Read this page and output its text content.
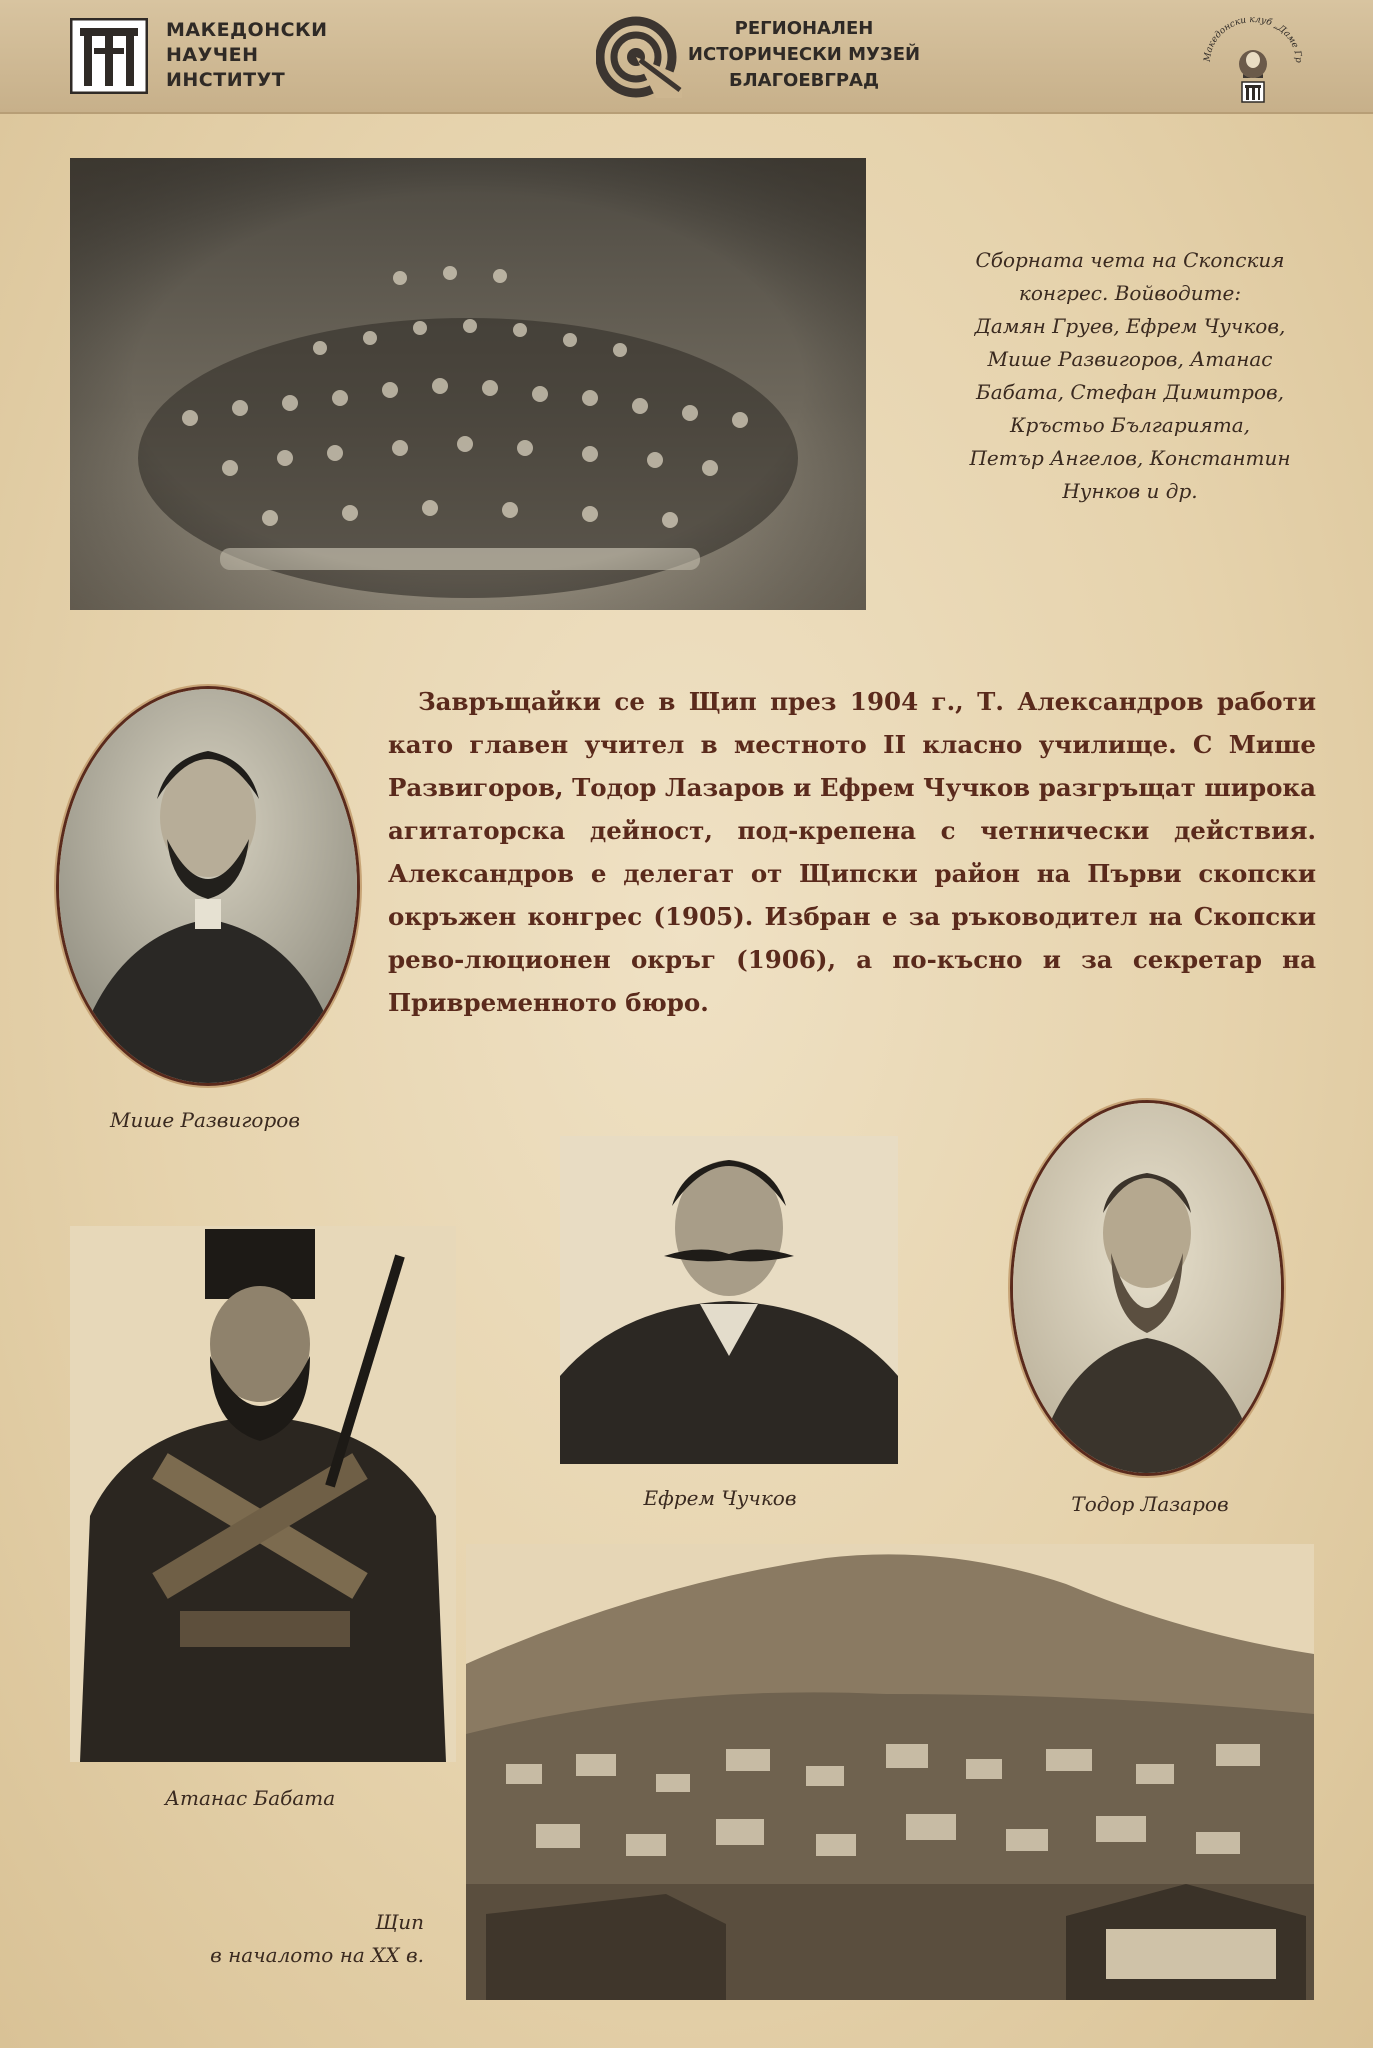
МАКЕДОНСКИ
НАУЧЕН
ИНСТИТУТ
РЕГИОНАЛЕН
ИСТОРИЧЕСКИ МУЗЕЙ
БЛАГОЕВГРАД
Македонски клуб „Даме Гр
Сборната чета на Скопския
конгрес. Войводите:
Дамян Груев, Ефрем Чучков,
Мише Развигоров, Атанас
Бабата, Стефан Димитров,
Кръстьо Българията,
Петър Ангелов, Константин
Нунков и др.
Мише Развигоров
Завръщайки се в Щип през 1904 г., Т. Александров работи като главен учител в местното II класно училище. С Мише Развигоров, Тодор Лазаров и Ефрем Чучков разгръщат широка агитаторска дейност, под-крепена с четнически действия. Александров е делегат от Щипски район на Първи скопски окръжен конгрес (1905). Избран е за ръководител на Скопски рево-люционен окръг (1906), а по-късно и за секретар на Привременното бюро.
Ефрем Чучков	Тодор Лазаров
Атанас Бабата
Щип
в началото на XX в.
